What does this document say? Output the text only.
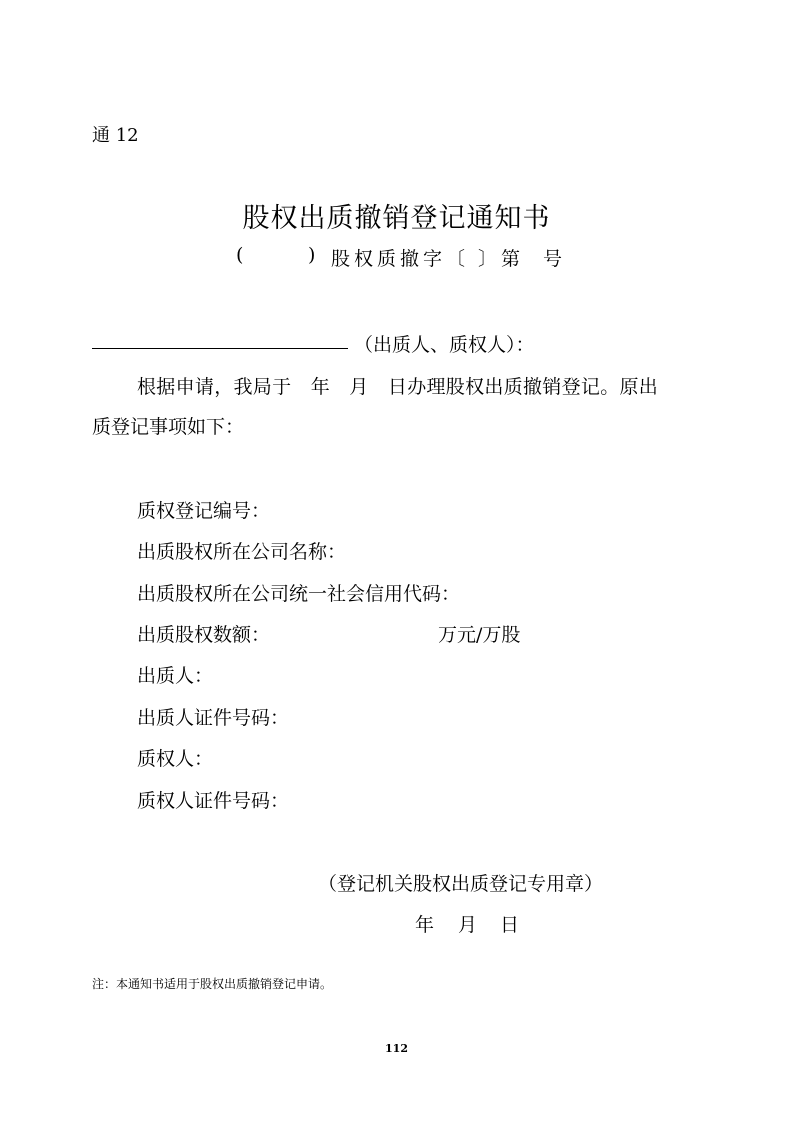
通 12
股权出质撤销登记通知书
(	) 股权质撤字〔 〕第 号
（出质人、质权人）：
根据申请，我局于　年　月　日办理股权出质撤销登记。原出
质登记事项如下：
质权登记编号：
出质股权所在公司名称：
出质股权所在公司统一社会信用代码：
出质股权数额：	万元/万股
出质人：
出质人证件号码：
质权人：
质权人证件号码：
（登记机关股权出质登记专用章）
年 月 日
注：本通知书适用于股权出质撤销登记申请。
112
